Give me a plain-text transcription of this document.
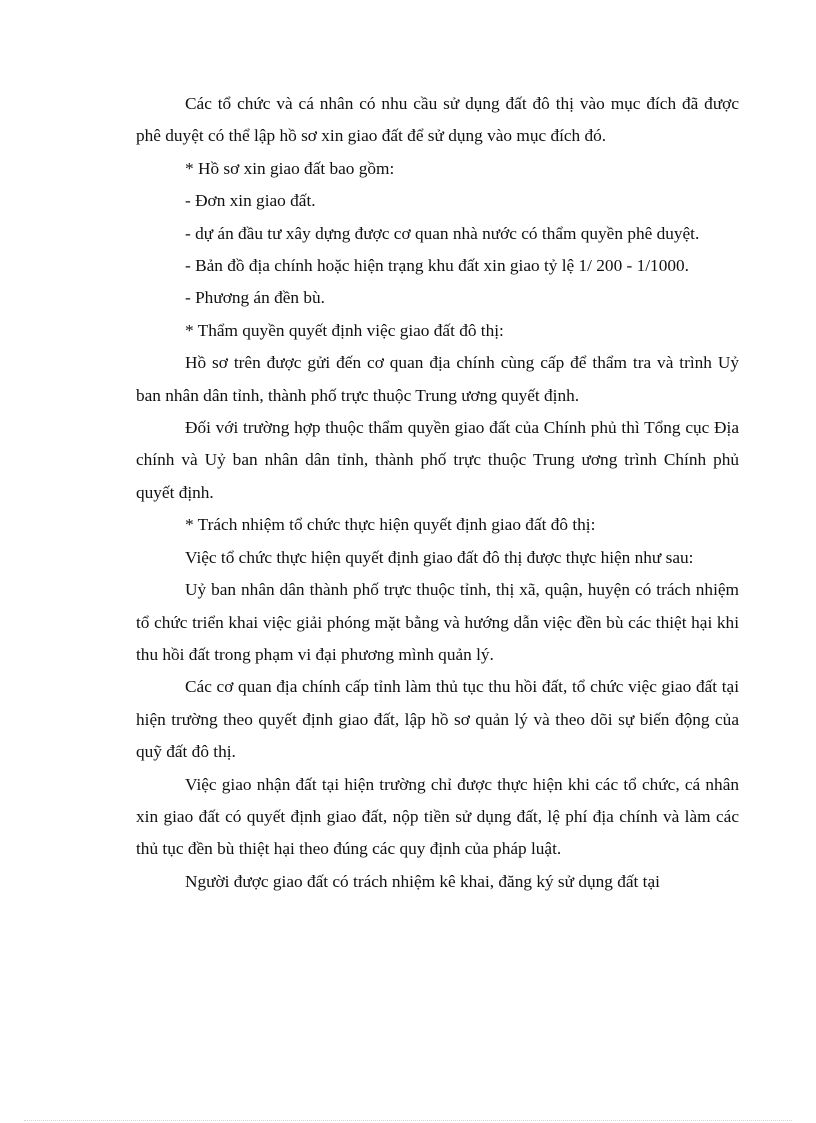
Các tổ chức và cá nhân có nhu cầu sử dụng đất đô thị vào mục đích đã được phê duyệt có thể lập hồ sơ xin giao đất để sử dụng vào mục đích đó.

* Hồ sơ xin giao đất bao gồm:

- Đơn xin giao đất.

- dự án đầu tư xây dựng được cơ quan nhà nước có thẩm quyền phê duyệt.

- Bản đồ địa chính hoặc hiện trạng khu đất xin giao tỷ lệ 1/ 200 - 1/1000.

- Phương án đền bù.

* Thẩm quyền quyết định việc giao đất đô thị:

Hồ sơ trên được gửi đến cơ quan địa chính cùng cấp để thẩm tra và trình Uỷ ban nhân dân tỉnh, thành phố trực thuộc Trung ương quyết định.

Đối với trường hợp thuộc thẩm quyền giao đất của Chính phủ thì Tổng cục Địa chính và Uỷ ban nhân dân tỉnh, thành phố trực thuộc Trung ương trình Chính phủ quyết định.

* Trách nhiệm tổ chức thực hiện quyết định giao đất đô thị:

Việc tổ chức thực hiện quyết định giao đất đô thị được thực hiện như sau:

Uỷ ban nhân dân thành phố trực thuộc tỉnh, thị xã, quận, huyện có trách nhiệm tổ chức triển khai việc giải phóng mặt bằng và hướng dẫn việc đền bù các thiệt hại khi thu hồi đất trong phạm vi đại phương mình quản lý.

Các cơ quan địa chính cấp tỉnh làm thủ tục thu hồi đất, tổ chức việc giao đất tại hiện trường theo quyết định giao đất, lập hồ sơ quản lý và theo dõi sự biến động của quỹ đất đô thị.

Việc giao nhận đất tại hiện trường chỉ được thực hiện khi các tổ chức, cá nhân xin giao đất có quyết định giao đất, nộp tiền sử dụng đất, lệ phí địa chính và làm các thủ tục đền bù thiệt hại theo đúng các quy định của pháp luật.

Người được giao đất có trách nhiệm kê khai, đăng ký sử dụng đất tại
